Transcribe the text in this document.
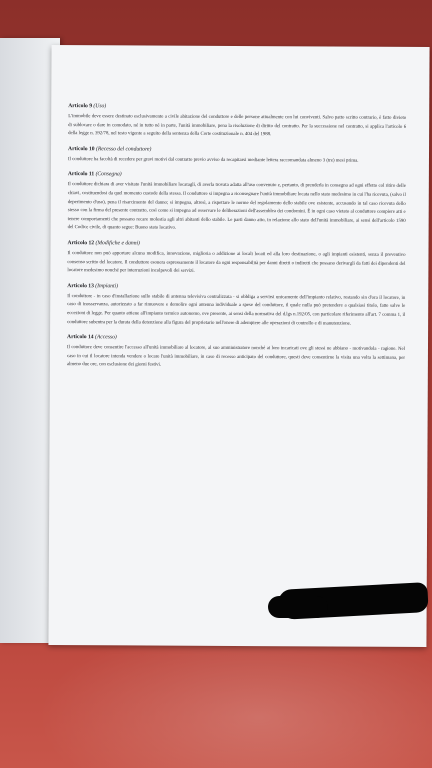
Articolo 9 (Uso)

L'immobile deve essere destinato esclusivamente a civile abitazione del conduttore e delle persone attualmente con lui conviventi. Salvo patto scritto contrario, è fatto divieto di sublocare o dare in comodato, né in tutto né in parte, l'unità immobiliare, pena la risoluzione di diritto del contratto. Per la successione nel contratto, si applica l'articolo 6 della legge n. 392/78, nel testo vigente a seguito della sentenza della Corte costituzionale n. 404 del 1988.

Articolo 10 (Recesso del conduttore)

Il conduttore ha facoltà di recedere per gravi motivi dal contratto previo avviso da recapitarsi mediante lettera raccomandata almeno 3 (tre) mesi prima.

Articolo 11 (Consegna)

Il conduttore dichiara di aver visitato l'unità immobiliare locatagli, di averla trovata adatta all'uso convenuto e, pertanto, di prenderla in consegna ad ogni effetto col ritiro delle chiavi, costituendosi da quel momento custode della stessa. Il conduttore si impegna a riconsegnare l'unità immobiliare locata nello stato medesimo in cui l'ha ricevuta, (salvo il deperimento d'uso), pena il risarcimento del danno; si impegna, altresì, a rispettare le norme del regolamento dello stabile ove esistente, accusando in tal caso ricevuta dello stesso con la firma del presente contratto, così come si impegna ad osservare le deliberazioni dell'assemblea dei condomini. È in ogni caso vietato al conduttore compiere atti e tenere comportamenti che possano recare molestia agli altri abitanti dello stabile. Le parti danno atto, in relazione allo stato dell'unità immobiliare, ai sensi dell'articolo 1590 del Codice civile, di quanto segue: Buono stato locativo.

Articolo 12 (Modifiche e danni)

Il conduttore non può apportare alcuna modifica, innovazione, miglioria o addizione ai locali locati ed alla loro destinazione, o agli impianti esistenti, senza il preventivo consenso scritto del locatore. Il conduttore esonera espressamente il locatore da ogni responsabilità per danni diretti o indiretti che possano derivargli da fatti dei dipendenti del locatore medesimo nonché per interruzioni incolpevoli dei servizi.

Articolo 13 (Impianti)

Il conduttore - in caso d'installazione sullo stabile di antenna televisiva centralizzata - si obbliga a servirsi unicamente dell'impianto relativo, restando sin d'ora il locatore, in caso di inosservanza, autorizzato a far rimuovere e demolire ogni antenna individuale a spese del conduttore, il quale nulla può pretendere a qualsiasi titolo, fatte salve le eccezioni di legge. Per quanto attiene all'impianto termico autonomo, ove presente, ai sensi della normativa del d.lgs n.192/05, con particolare riferimento all'art. 7 comma 1, il conduttore subentra per la durata della detenzione alla figura del proprietario nell'onere di adempiere alle operazioni di controllo e di manutenzione.

Articolo 14 (Accesso)

Il conduttore deve consentire l'accesso all'unità immobiliare al locatore, al suo amministratore nonché ai loro incaricati ove gli stessi ne abbiano - motivandola - ragione. Nel caso in cui il locatore intenda vendere o locare l'unità immobiliare, in caso di recesso anticipato del conduttore, questi deve consentirne la visita una volta la settimana, per almeno due ore, con esclusione dei giorni festivi.
